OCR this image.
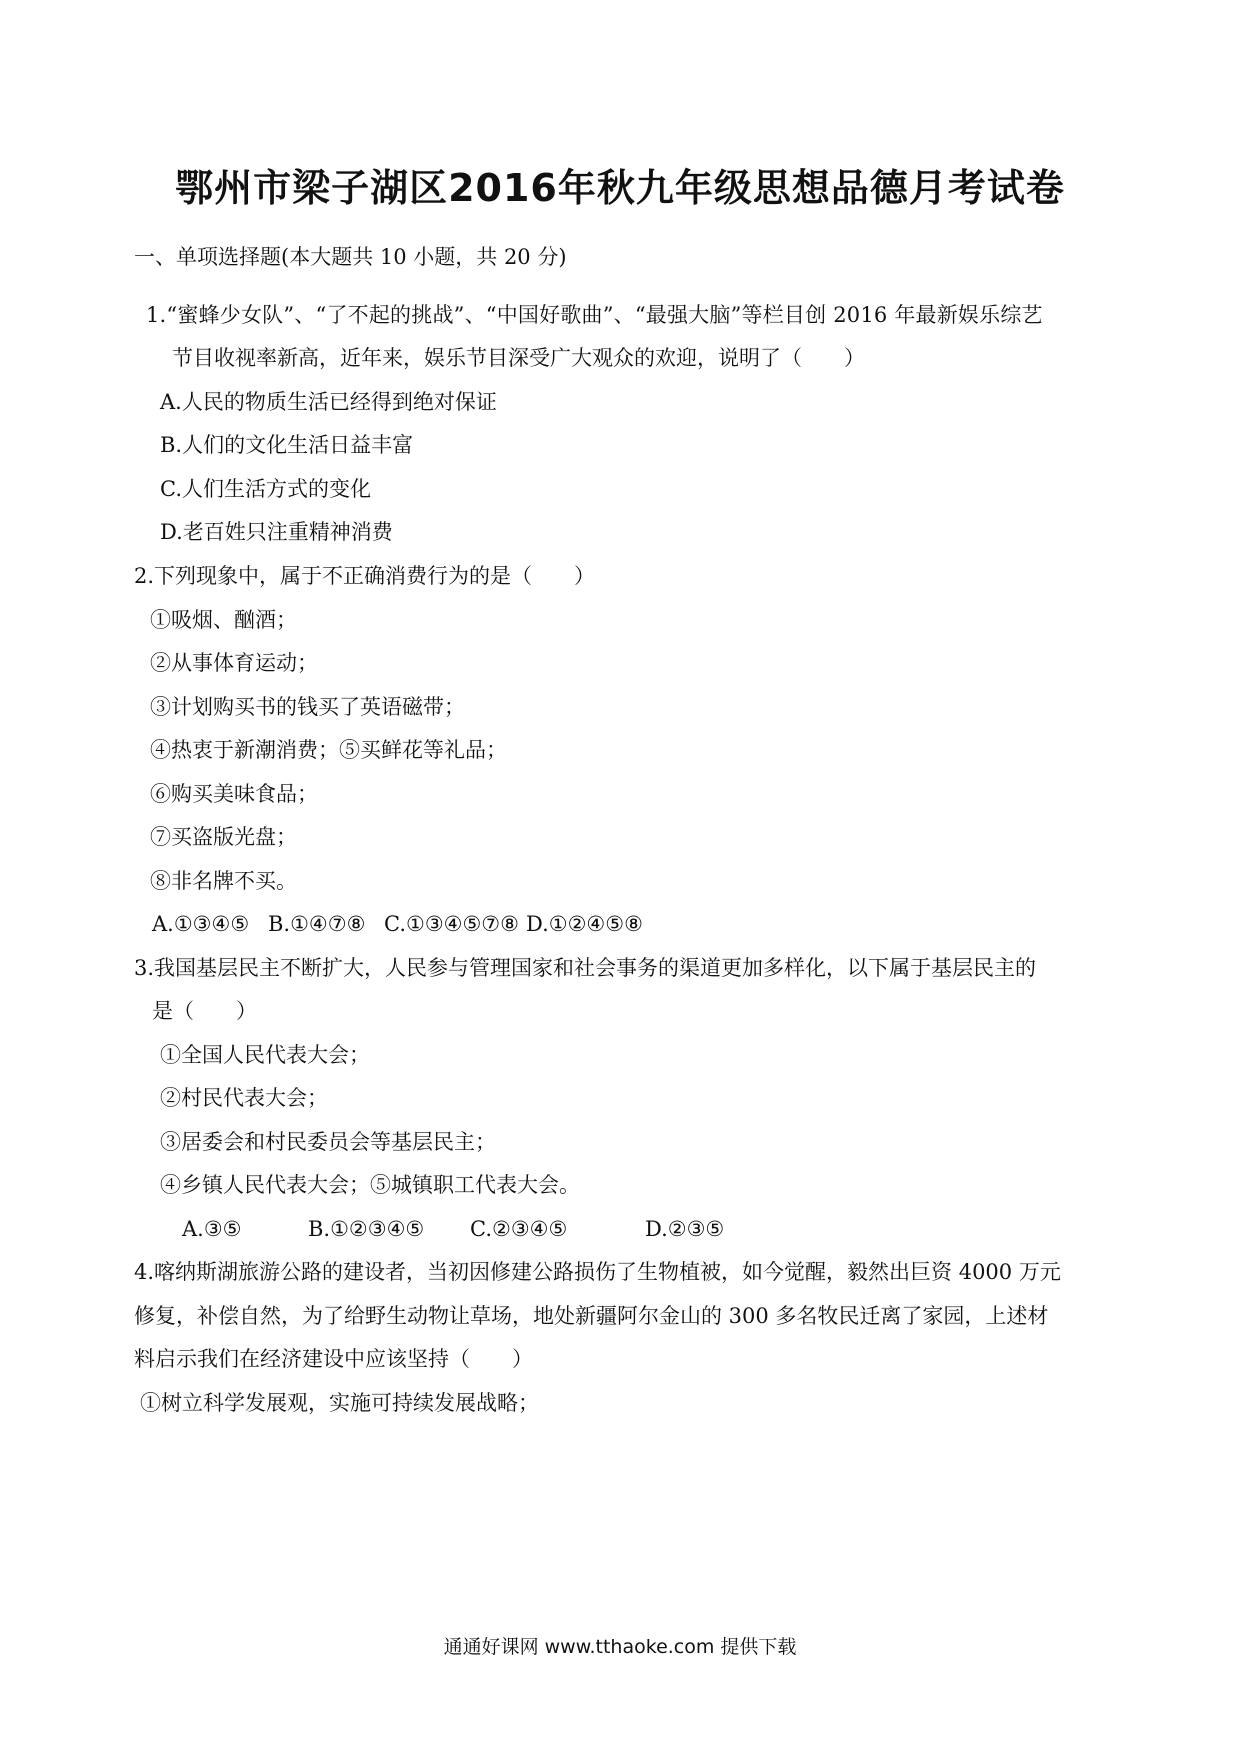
鄂州市梁子湖区2016年秋九年级思想品德月考试卷
一、单项选择题(本大题共 10 小题，共 20 分)
1.“蜜蜂少女队”、“了不起的挑战”、“中国好歌曲”、“最强大脑”等栏目创 2016 年最新娱乐综艺
节目收视率新高，近年来，娱乐节目深受广大观众的欢迎，说明了（　　）
A.人民的物质生活已经得到绝对保证
B.人们的文化生活日益丰富
C.人们生活方式的变化
D.老百姓只注重精神消费
2.下列现象中，属于不正确消费行为的是（　　）
①吸烟、酗酒；
②从事体育运动；
③计划购买书的钱买了英语磁带；
④热衷于新潮消费；⑤买鲜花等礼品；
⑥购买美味食品；
⑦买盗版光盘；
⑧非名牌不买。
A.①③④⑤ B.①④⑦⑧ C.①③④⑤⑦⑧ D.①②④⑤⑧
3.我国基层民主不断扩大，人民参与管理国家和社会事务的渠道更加多样化，以下属于基层民主的
是（　　）
①全国人民代表大会；
②村民代表大会；
③居委会和村民委员会等基层民主；
④乡镇人民代表大会；⑤城镇职工代表大会。
A.③⑤	B.①②③④⑤ C.②③④⑤	D.②③⑤
4.喀纳斯湖旅游公路的建设者，当初因修建公路损伤了生物植被，如今觉醒，毅然出巨资 4000 万元
修复，补偿自然，为了给野生动物让草场，地处新疆阿尔金山的 300 多名牧民迁离了家园，上述材
料启示我们在经济建设中应该坚持（　　）
①树立科学发展观，实施可持续发展战略；
通通好课网 www.tthaoke.com 提供下载
